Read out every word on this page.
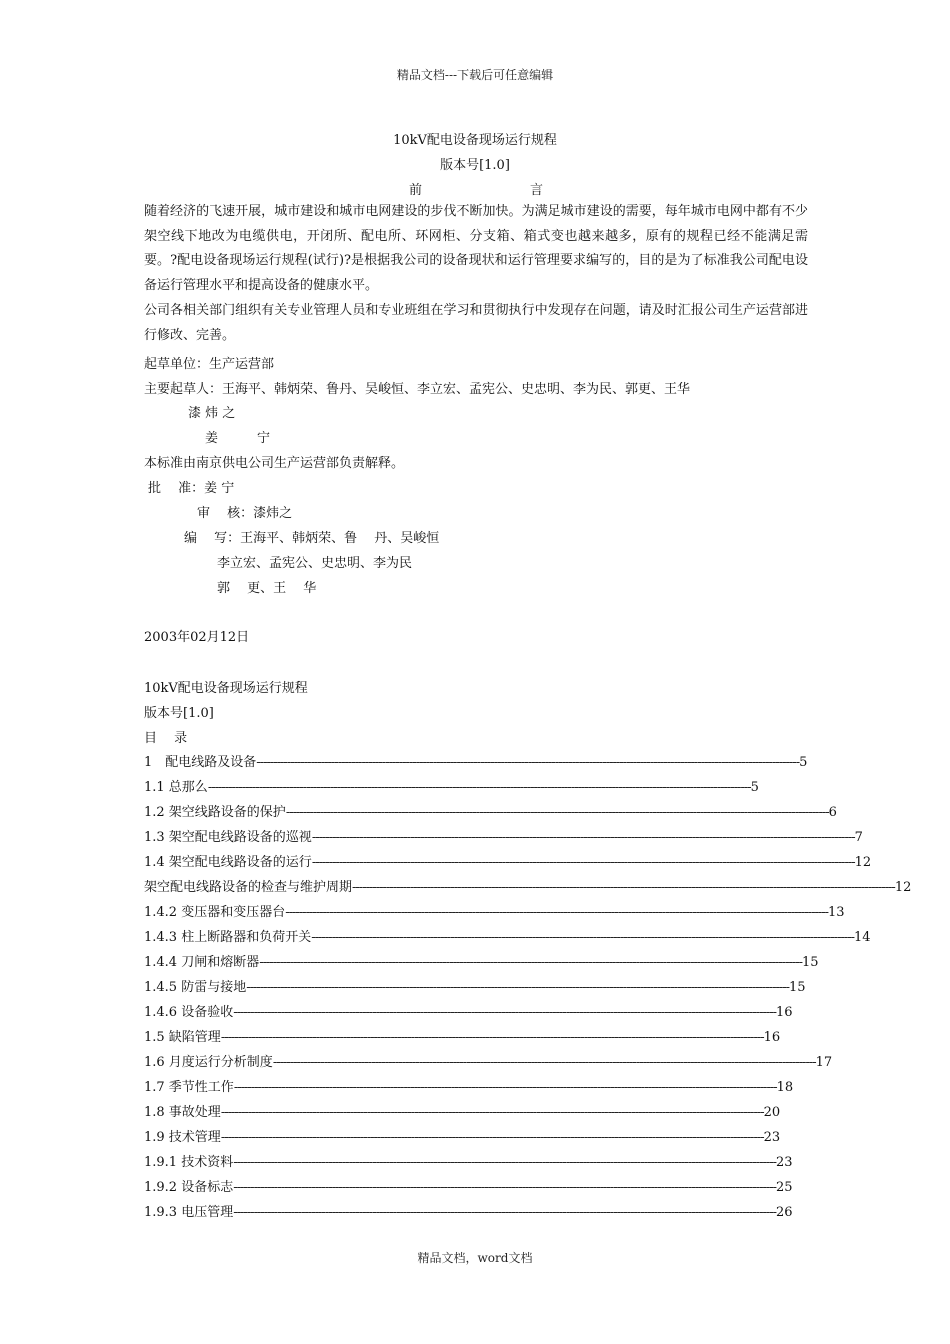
精品文档---下载后可任意编辑
10kV配电设备现场运行规程
版本号[1.0]
前	言
随着经济的飞速开展，城市建设和城市电网建设的步伐不断加快。为满足城市建设的需要，每年城市电网中都有不少架空线下地改为电缆供电，开闭所、配电所、环网柜、分支箱、箱式变也越来越多，原有的规程已经不能满足需要。?配电设备现场运行规程(试行)?是根据我公司的设备现状和运行管理要求编写的，目的是为了标准我公司配电设备运行管理水平和提高设备的健康水平。
公司各相关部门组织有关专业管理人员和专业班组在学习和贯彻执行中发现存在问题，请及时汇报公司生产运营部进行修改、完善。
起草单位：生产运营部
主要起草人：王海平、韩炳荣、鲁丹、吴峻恒、李立宏、孟宪公、史忠明、李为民、郭更、王华
漆 炜 之
姜　　　宁
本标准由南京供电公司生产运营部负责解释。
批　 准：姜 宁
审　 核：漆炜之
编　 写：王海平、韩炳荣、鲁　 丹、吴峻恒
李立宏、孟宪公、史忠明、李为民
郭　 更、王　 华
2003年02月12日
10kV配电设备现场运行规程
版本号[1.0]
目　 录
1　配电线路及设备 ---------------------------------------------------------------------------------------------------------------------------------------------------------------- 5
1.1 总那么 ---------------------------------------------------------------------------------------------------------------------------------------------------------------- 5
1.2 架空线路设备的保护 ---------------------------------------------------------------------------------------------------------------------------------------------------------------- 6
1.3 架空配电线路设备的巡视 ---------------------------------------------------------------------------------------------------------------------------------------------------------------- 7
1.4 架空配电线路设备的运行 ---------------------------------------------------------------------------------------------------------------------------------------------------------------- 12
架空配电线路设备的检查与维护周期 ---------------------------------------------------------------------------------------------------------------------------------------------------------------- 12
1.4.2 变压器和变压器台 ---------------------------------------------------------------------------------------------------------------------------------------------------------------- 13
1.4.3 柱上断路器和负荷开关 ---------------------------------------------------------------------------------------------------------------------------------------------------------------- 14
1.4.4 刀闸和熔断器 ---------------------------------------------------------------------------------------------------------------------------------------------------------------- 15
1.4.5 防雷与接地 ---------------------------------------------------------------------------------------------------------------------------------------------------------------- 15
1.4.6 设备验收 ---------------------------------------------------------------------------------------------------------------------------------------------------------------- 16
1.5 缺陷管理 ---------------------------------------------------------------------------------------------------------------------------------------------------------------- 16
1.6 月度运行分析制度 ---------------------------------------------------------------------------------------------------------------------------------------------------------------- 17
1.7 季节性工作 ---------------------------------------------------------------------------------------------------------------------------------------------------------------- 18
1.8 事故处理 ---------------------------------------------------------------------------------------------------------------------------------------------------------------- 20
1.9 技术管理 ---------------------------------------------------------------------------------------------------------------------------------------------------------------- 23
1.9.1 技术资料 ---------------------------------------------------------------------------------------------------------------------------------------------------------------- 23
1.9.2 设备标志 ---------------------------------------------------------------------------------------------------------------------------------------------------------------- 25
1.9.3 电压管理 ---------------------------------------------------------------------------------------------------------------------------------------------------------------- 26
精品文档，word文档
